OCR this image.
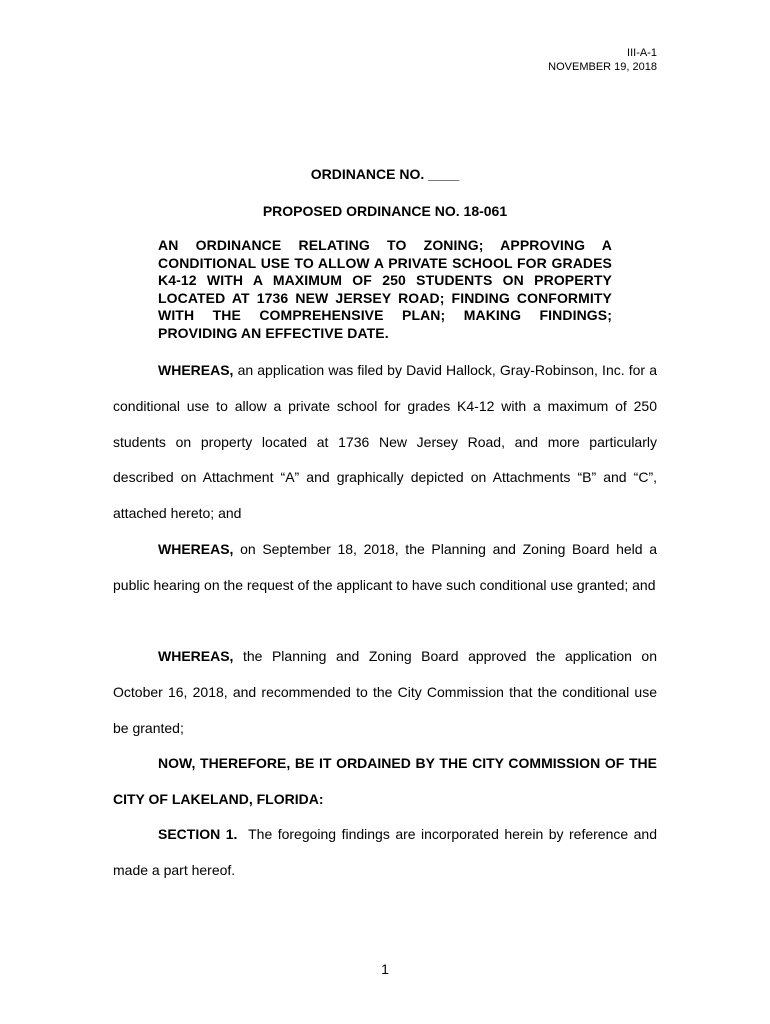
III-A-1
NOVEMBER 19, 2018
ORDINANCE NO. ____
PROPOSED ORDINANCE NO. 18-061
AN ORDINANCE RELATING TO ZONING; APPROVING A CONDITIONAL USE TO ALLOW A PRIVATE SCHOOL FOR GRADES K4-12 WITH A MAXIMUM OF 250 STUDENTS ON PROPERTY LOCATED AT 1736 NEW JERSEY ROAD; FINDING CONFORMITY WITH THE COMPREHENSIVE PLAN; MAKING FINDINGS; PROVIDING AN EFFECTIVE DATE.

WHEREAS, an application was filed by David Hallock, Gray-Robinson, Inc. for a conditional use to allow a private school for grades K4-12 with a maximum of 250 students on property located at 1736 New Jersey Road, and more particularly described on Attachment “A” and graphically depicted on Attachments “B” and “C”, attached hereto; and

WHEREAS, on September 18, 2018, the Planning and Zoning Board held a public hearing on the request of the applicant to have such conditional use granted; and

WHEREAS, the Planning and Zoning Board approved the application on October 16, 2018, and recommended to the City Commission that the conditional use be granted;

NOW, THEREFORE, BE IT ORDAINED BY THE CITY COMMISSION OF THE CITY OF LAKELAND, FLORIDA:

SECTION 1.  The foregoing findings are incorporated herein by reference and made a part hereof.

1
